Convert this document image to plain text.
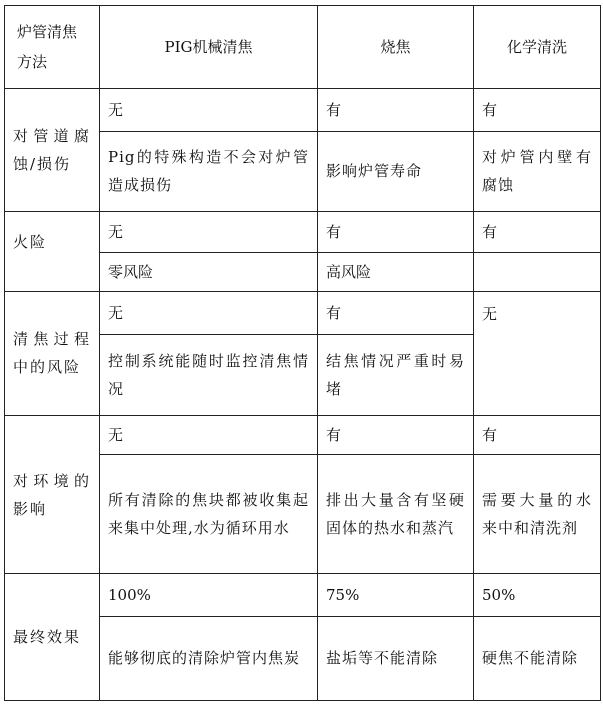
炉管清焦方法	PIG机械清焦	烧焦	化学清洗
对管道腐蚀/损伤	无	有	有
	Pig的特殊构造不会对炉管造成损伤	影响炉管寿命	对炉管内壁有腐蚀
火险	无	有	有
	零风险	高风险	
清焦过程中的风险	无	有	无
	控制系统能随时监控清焦情况	结焦情况严重时易堵	
对环境的影响	无	有	有
	所有清除的焦块都被收集起来集中处理,水为循环用水	排出大量含有坚硬固体的热水和蒸汽	需要大量的水来中和清洗剂
最终效果	100%	75%	50%
	能够彻底的清除炉管内焦炭	盐垢等不能清除	硬焦不能清除
